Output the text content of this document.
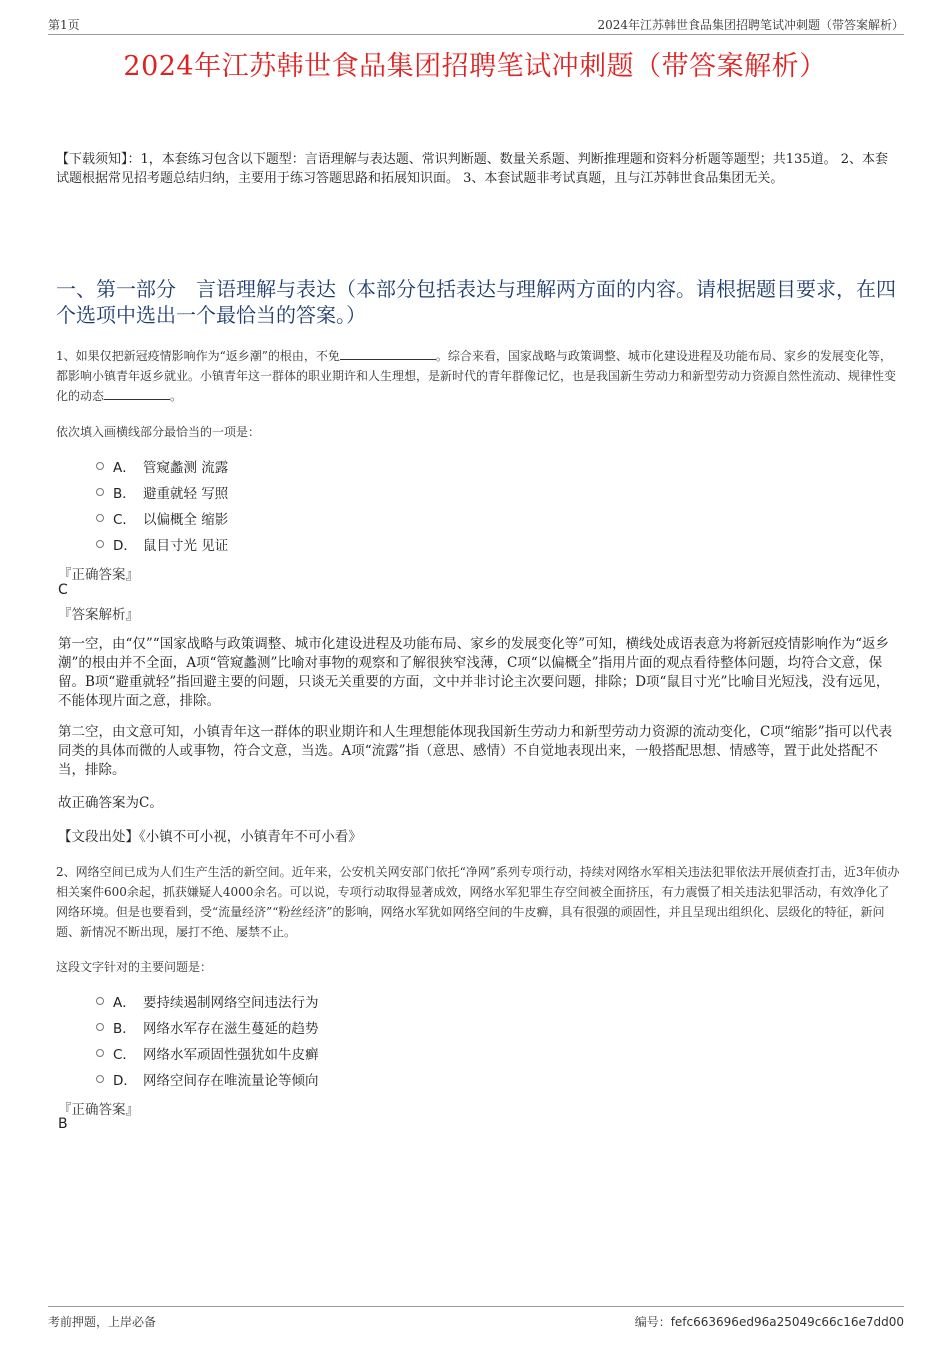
第1页	2024年江苏韩世食品集团招聘笔试冲刺题（带答案解析）
2024年江苏韩世食品集团招聘笔试冲刺题（带答案解析）
【下载须知】：1，本套练习包含以下题型：言语理解与表达题、常识判断题、数量关系题、判断推理题和资料分析题等题型；共135道。 2、本套试题根据常见招考题总结归纳，主要用于练习答题思路和拓展知识面。 3、本套试题非考试真题，且与江苏韩世食品集团无关。
一、第一部分　言语理解与表达（本部分包括表达与理解两方面的内容。请根据题目要求，在四个选项中选出一个最恰当的答案。）
1、如果仅把新冠疫情影响作为“返乡潮”的根由，不免	。综合来看，国家战略与政策调整、城市化建设进程及功能布局、家乡的发展变化等，都影响小镇青年返乡就业。小镇青年这一群体的职业期许和人生理想，是新时代的青年群像记忆，也是我国新生劳动力和新型劳动力资源自然性流动、规律性变化的动态	。
依次填入画横线部分最恰当的一项是：
A． 管窥蠡测 流露
B． 避重就轻 写照
C． 以偏概全 缩影
D． 鼠目寸光 见证
『正确答案』
C
『答案解析』
第一空，由“仅”“国家战略与政策调整、城市化建设进程及功能布局、家乡的发展变化等”可知，横线处成语表意为将新冠疫情影响作为“返乡潮”的根由并不全面，A项“管窥蠡测”比喻对事物的观察和了解很狭窄浅薄，C项“以偏概全”指用片面的观点看待整体问题，均符合文意，保留。B项“避重就轻”指回避主要的问题，只谈无关重要的方面，文中并非讨论主次要问题，排除；D项“鼠目寸光”比喻目光短浅，没有远见，不能体现片面之意，排除。
第二空，由文意可知，小镇青年这一群体的职业期许和人生理想能体现我国新生劳动力和新型劳动力资源的流动变化，C项“缩影”指可以代表同类的具体而微的人或事物，符合文意，当选。A项“流露”指（意思、感情）不自觉地表现出来，一般搭配思想、情感等，置于此处搭配不当，排除。
故正确答案为C。
【文段出处】《小镇不可小视，小镇青年不可小看》
2、网络空间已成为人们生产生活的新空间。近年来，公安机关网安部门依托“净网”系列专项行动，持续对网络水军相关违法犯罪依法开展侦查打击，近3年侦办相关案件600余起，抓获嫌疑人4000余名。可以说，专项行动取得显著成效，网络水军犯罪生存空间被全面挤压，有力震慑了相关违法犯罪活动，有效净化了网络环境。但是也要看到，受“流量经济”“粉丝经济”的影响，网络水军犹如网络空间的牛皮癣，具有很强的顽固性，并且呈现出组织化、层级化的特征，新问题、新情况不断出现，屡打不绝、屡禁不止。
这段文字针对的主要问题是：
A． 要持续遏制网络空间违法行为
B． 网络水军存在滋生蔓延的趋势
C． 网络水军顽固性强犹如牛皮癣
D． 网络空间存在唯流量论等倾向
『正确答案』
B
考前押题，上岸必备	编号：fefc663696ed96a25049c66c16e7dd00
